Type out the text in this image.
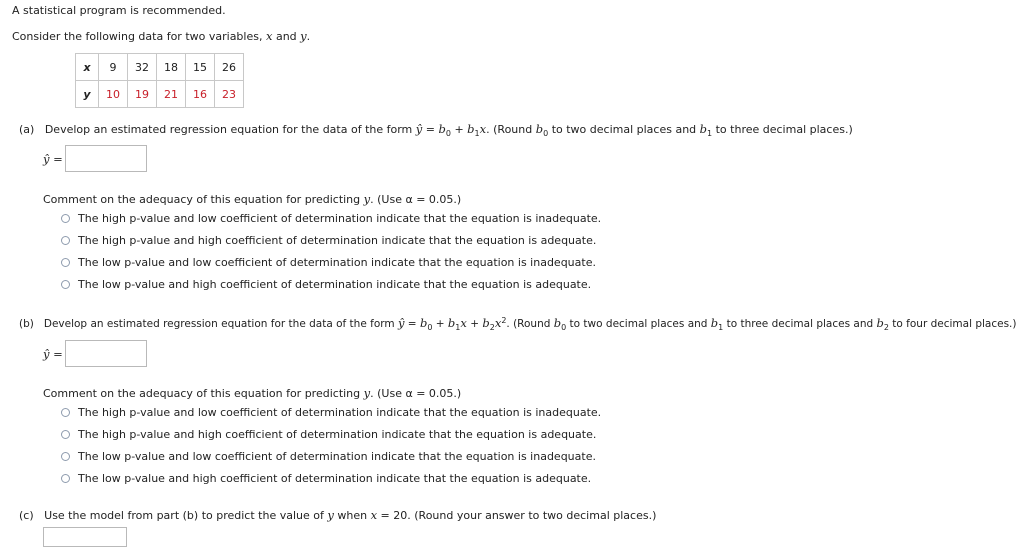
A statistical program is recommended.
Consider the following data for two variables, x and y.
x	9	32	18	15	26
y	10	19	21	16	23
(a) Develop an estimated regression equation for the data of the form ŷ = $b_0 + b_1x$. (Round $b_0$ to two decimal places and $b_1$ to three decimal places.)
ŷ =
Comment on the adequacy of this equation for predicting y. (Use α = 0.05.)
The high p-value and low coefficient of determination indicate that the equation is inadequate.
The high p-value and high coefficient of determination indicate that the equation is adequate.
The low p-value and low coefficient of determination indicate that the equation is inadequate.
The low p-value and high coefficient of determination indicate that the equation is adequate.
(b) Develop an estimated regression equation for the data of the form ŷ = $b_0 + b_1x + b_2x^2$. (Round $b_0$ to two decimal places and $b_1$ to three decimal places and $b_2$ to four decimal places.)
ŷ =
Comment on the adequacy of this equation for predicting y. (Use α = 0.05.)
The high p-value and low coefficient of determination indicate that the equation is inadequate.
The high p-value and high coefficient of determination indicate that the equation is adequate.
The low p-value and low coefficient of determination indicate that the equation is inadequate.
The low p-value and high coefficient of determination indicate that the equation is adequate.
(c) Use the model from part (b) to predict the value of y when x = 20. (Round your answer to two decimal places.)
